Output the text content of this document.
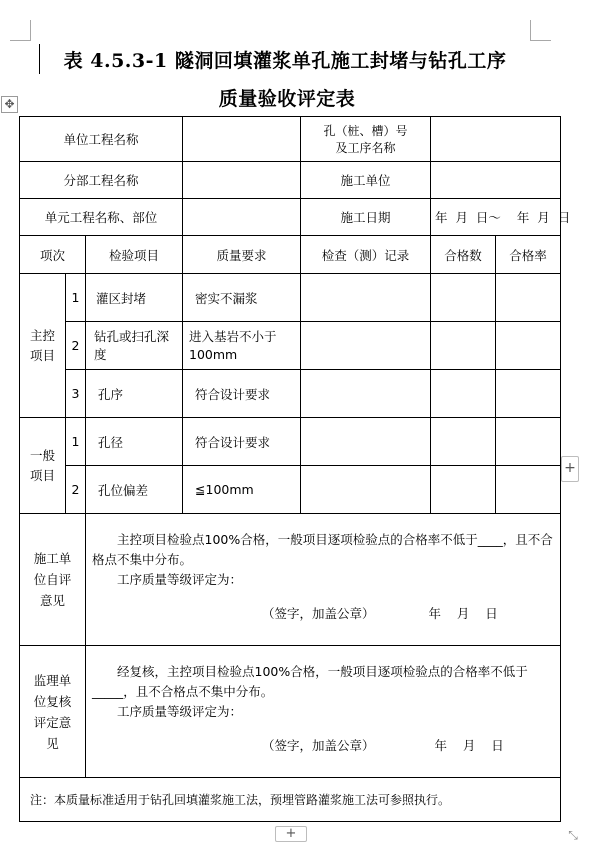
表 4.5.3-1 隧洞回填灌浆单孔施工封堵与钻孔工序
质量验收评定表
✥
+
+	⤡
单位工程名称				孔（桩、槽）号
及工序名称		

分部工程名称				施工单位		
单元工程名称、部位				施工日期	年  月  日～    年  月  日	
项次		检验项目	质量要求	检查（测）记录	合格数	合格率
主控
项目	1	灌区封堵	密实不漏浆			
	2	钻孔或扫孔深度	进入基岩不小于100mm			
	3	孔序	符合设计要求			
一般
项目	1	孔径	符合设计要求			
	2	孔位偏差	≦100mm			
施工单位自评意见		主控项目检验点100%合格，一般项目逐项检验点的合格率不低于____，且不合格点不集中分布。

工序质量等级评定为：

（签字，加盖公章） 年    月    日				

监理单位复核评定意见		经复核，主控项目检验点100%合格，一般项目逐项检验点的合格率不低于_____，且不合格点不集中分布。

工序质量等级评定为：

（签字，加盖公章） 年    月    日				

注：本质量标准适用于钻孔回填灌浆施工法，预埋管路灌浆施工法可参照执行。						
